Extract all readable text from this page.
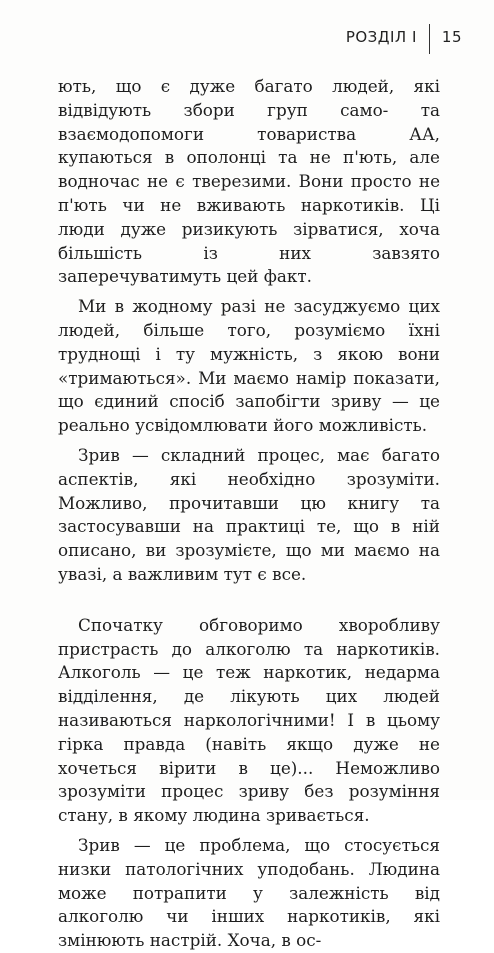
РОЗДІЛ І	15

ють, що є дуже багато людей, які відвідують збори груп само- та взаємодопомоги товариства АА, купаються в ополонці та не п'ють, але водночас не є тверезими. Вони просто не п'ють чи не вживають наркотиків. Ці люди дуже ризикують зірватися, хоча більшість із них завзято заперечуватимуть цей факт.

Ми в жодному разі не засуджуємо цих людей, більше того, розуміємо їхні труднощі і ту мужність, з якою вони «тримаються». Ми маємо намір показати, що єдиний спосіб запобігти зриву — це реально усвідомлювати його можливість.

Зрив — складний процес, має багато аспектів, які необхідно зрозуміти. Можливо, прочитавши цю книгу та застосувавши на практиці те, що в ній описано, ви зрозумієте, що ми маємо на увазі, а важливим тут є все.

Спочатку обговоримо хворобливу пристрасть до алкоголю та наркотиків. Алкоголь — це теж наркотик, недарма відділення, де лікують цих людей називаються наркологічними! І в цьому гірка правда (навіть якщо дуже не хочеться вірити в це)... Неможливо зрозуміти процес зриву без розуміння стану, в якому людина зривається.

Зрив — це проблема, що стосується низки патологічних уподобань. Людина може потрапити у залежність від алкоголю чи інших наркотиків, які змінюють настрій. Хоча, в ос-
